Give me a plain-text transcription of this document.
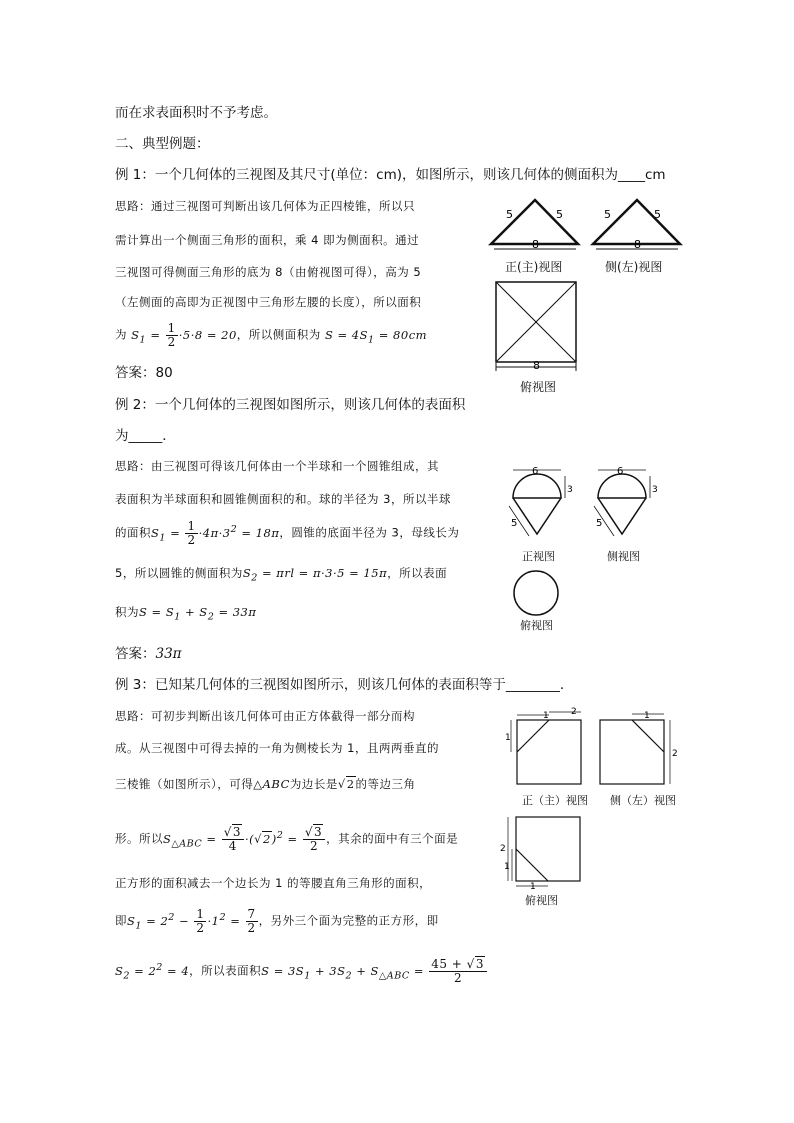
而在求表面积时不予考虑。
二、典型例题：
例 1：一个几何体的三视图及其尺寸(单位：cm)，如图所示，则该几何体的侧面积为____cm
思路：通过三视图可判断出该几何体为正四棱锥，所以只
需计算出一个侧面三角形的面积，乘 4 即为侧面积。通过
三视图可得侧面三角形的底为 8（由俯视图可得），高为 5
（左侧面的高即为正视图中三角形左腰的长度），所以面积
为 $S_1 = \frac{1}{2} \cdot 5\cdot 8 = 20$，所以侧面积为 $S = 4S_1 = 80cm$
答案：80
5	5
8
正(主)视图
5	5
8
侧(左)视图
8
俯视图
例 2：一个几何体的三视图如图所示，则该几何体的表面积
为_____．
思路：由三视图可得该几何体由一个半球和一个圆锥组成，其
表面积为半球面积和圆锥侧面积的和。球的半径为 3，所以半球
的面积$S_1 = \frac{1}{2} \cdot 4\pi\cdot 3^2 = 18\pi$，圆锥的底面半径为 3，母线长为
5，所以圆锥的侧面积为$S_2 = \pi rl = \pi\cdot 3\cdot 5 = 15\pi$，所以表面
积为$S = S_1 + S_2 = 33\pi$
答案：33π
6
3
5
正视图
6
3
5
侧视图
俯视图
例 3：已知某几何体的三视图如图所示，则该几何体的表面积等于________．
思路：可初步判断出该几何体可由正方体截得一部分而构
成。从三视图中可得去掉的一角为侧棱长为 1，且两两垂直的
三棱锥（如图所示），可得△ABC为边长是√2的等边三角
形。所以$S_{\triangle ABC} = \frac{√3}{4} \cdot(√2)^2 = \frac{√3}{2}$ ，其余的面中有三个面是
正方形的面积减去一个边长为 1 的等腰直角三角形的面积，
即$S_1 = 2^2 - \frac{1}{2} \cdot 1^2 = \frac{7}{2}$ ，另外三个面为完整的正方形，即
$S_2 = 2^2 = 4$，所以表面积$S = 3S_1 + 3S_2 + S_{\triangle ABC} = \frac{45 + √3}{2}$
1 2
1
正（主）视图
1
2
侧（左）视图
2
1
1
俯视图
